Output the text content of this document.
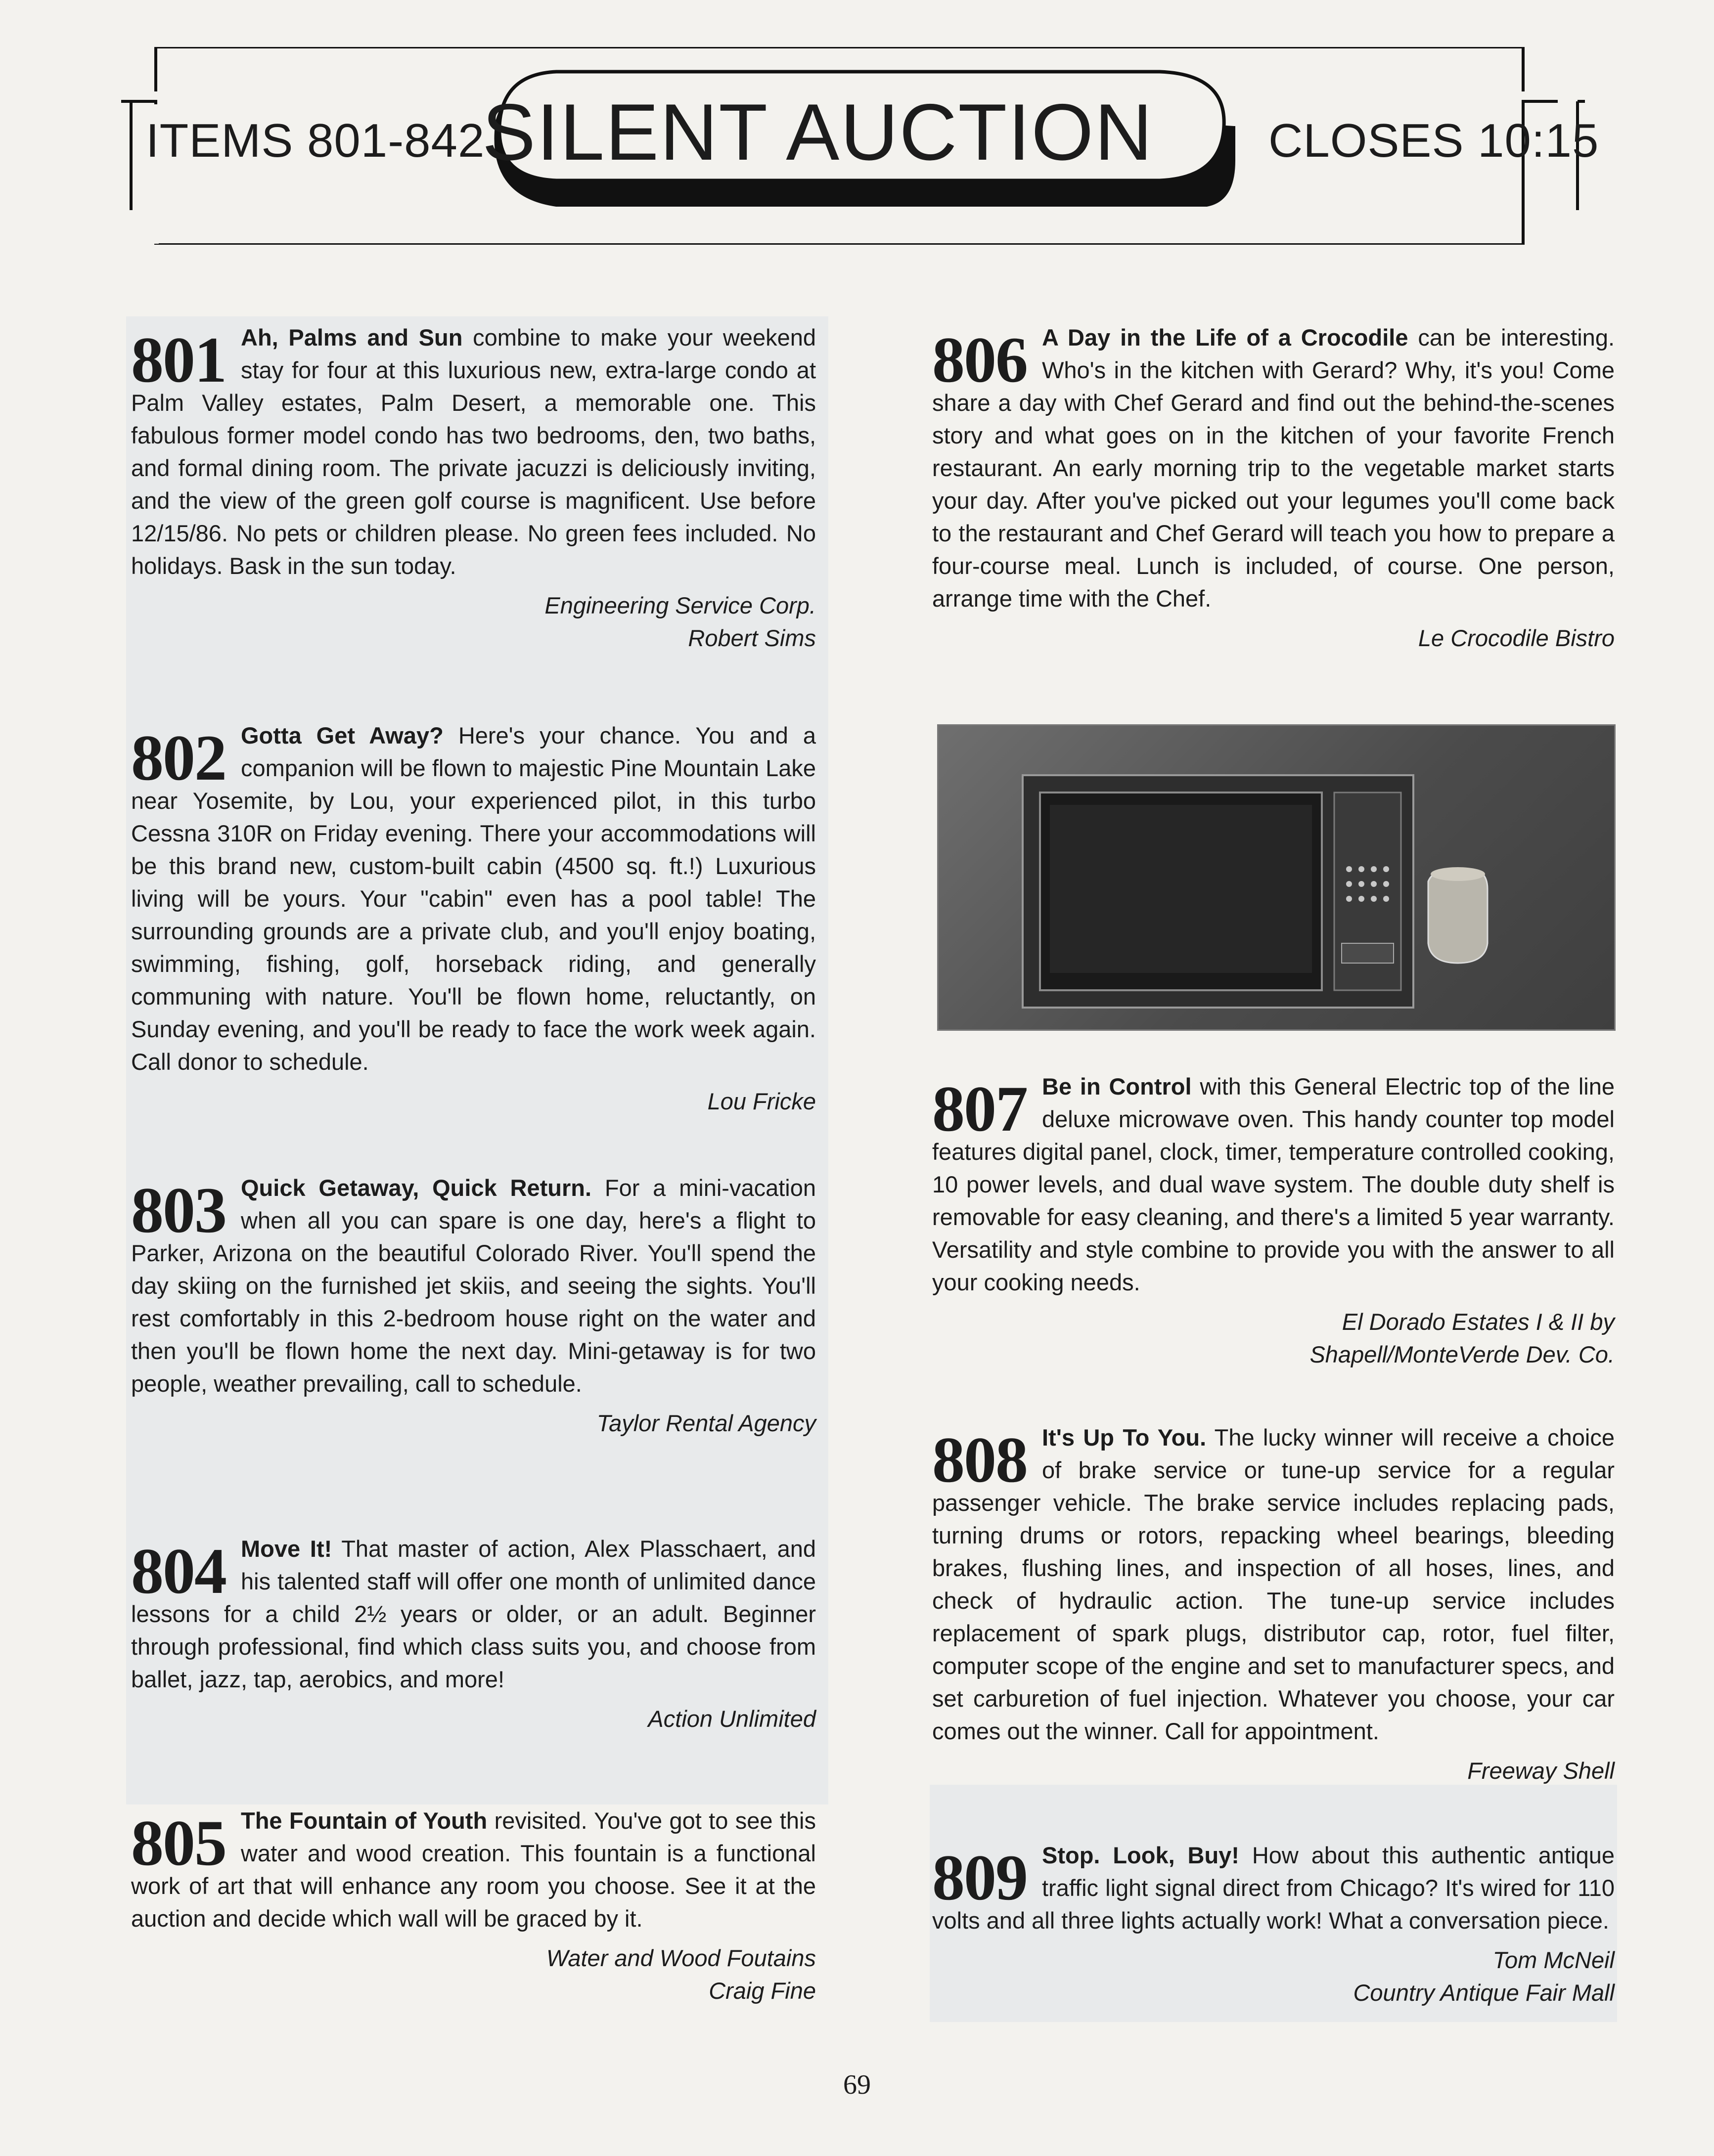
ITEMS 801-842
SILENT AUCTION CLOSES 10:15
801 Ah, Palms and Sun combine to make your weekend stay for four at this luxurious new, extra-large condo at Palm Valley estates, Palm Desert, a memorable one. This fabulous former model condo has two bedrooms, den, two baths, and formal dining room. The private jacuzzi is deliciously inviting, and the view of the green golf course is magnificent. Use before 12/15/86. No pets or children please. No green fees included. No holidays. Bask in the sun today.

Engineering Service Corp.
Robert Sims
802 Gotta Get Away? Here's your chance. You and a companion will be flown to majestic Pine Mountain Lake near Yosemite, by Lou, your experienced pilot, in this turbo Cessna 310R on Friday evening. There your accommodations will be this brand new, custom-built cabin (4500 sq. ft.!) Luxurious living will be yours. Your "cabin" even has a pool table! The surrounding grounds are a private club, and you'll enjoy boating, swimming, fishing, golf, horseback riding, and generally communing with nature. You'll be flown home, reluctantly, on Sunday evening, and you'll be ready to face the work week again. Call donor to schedule.

Lou Fricke
803 Quick Getaway, Quick Return. For a mini-vacation when all you can spare is one day, here's a flight to Parker, Arizona on the beautiful Colorado River. You'll spend the day skiing on the furnished jet skiis, and seeing the sights. You'll rest comfortably in this 2-bedroom house right on the water and then you'll be flown home the next day. Mini-getaway is for two people, weather prevailing, call to schedule.

Taylor Rental Agency
804 Move It! That master of action, Alex Plasschaert, and his talented staff will offer one month of unlimited dance lessons for a child 2½ years or older, or an adult. Beginner through professional, find which class suits you, and choose from ballet, jazz, tap, aerobics, and more!

Action Unlimited
805 The Fountain of Youth revisited. You've got to see this water and wood creation. This fountain is a functional work of art that will enhance any room you choose. See it at the auction and decide which wall will be graced by it.

Water and Wood Foutains
Craig Fine
806 A Day in the Life of a Crocodile can be interesting. Who's in the kitchen with Gerard? Why, it's you! Come share a day with Chef Gerard and find out the behind-the-scenes story and what goes on in the kitchen of your favorite French restaurant. An early morning trip to the vegetable market starts your day. After you've picked out your legumes you'll come back to the restaurant and Chef Gerard will teach you how to prepare a four-course meal. Lunch is included, of course. One person, arrange time with the Chef.

Le Crocodile Bistro
807 Be in Control with this General Electric top of the line deluxe microwave oven. This handy counter top model features digital panel, clock, timer, temperature controlled cooking, 10 power levels, and dual wave system. The double duty shelf is removable for easy cleaning, and there's a limited 5 year warranty. Versatility and style combine to provide you with the answer to all your cooking needs.

El Dorado Estates I & II by
Shapell/MonteVerde Dev. Co.
808 It's Up To You. The lucky winner will receive a choice of brake service or tune-up service for a regular passenger vehicle. The brake service includes replacing pads, turning drums or rotors, repacking wheel bearings, bleeding brakes, flushing lines, and inspection of all hoses, lines, and check of hydraulic action. The tune-up service includes replacement of spark plugs, distributor cap, rotor, fuel filter, computer scope of the engine and set to manufacturer specs, and set carburetion of fuel injection. Whatever you choose, your car comes out the winner. Call for appointment.

Freeway Shell
809 Stop. Look, Buy! How about this authentic antique traffic light signal direct from Chicago? It's wired for 110 volts and all three lights actually work! What a conversation piece.

Tom McNeil
Country Antique Fair Mall
69
